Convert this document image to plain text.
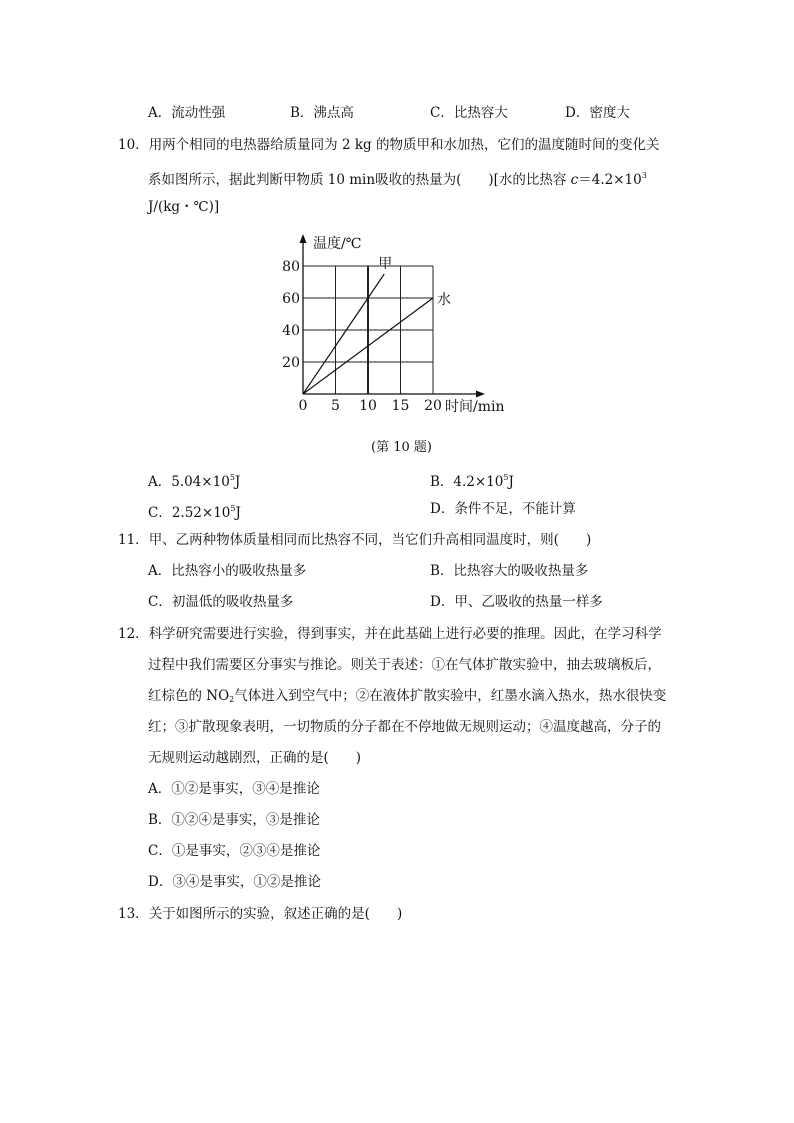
A．流动性强	B．沸点高	C．比热容大	D．密度大
10．用两个相同的电热器给质量同为 2 kg 的物质甲和水加热，它们的温度随时间的变化关
系如图所示，据此判断甲物质 10 min吸收的热量为(　　)[水的比热容 $c=4.2\times 10^3$
J/(kg・℃)]
5 10 15 20
20
40
60
80
0
温度/℃
时间/min
甲
水
(第 10 题)
A．$5.04\times 10^5J$	B．$4.2\times 10^5J$
C．$2.52\times 10^5J$	D．条件不足，不能计算
11．甲、乙两种物体质量相同而比热容不同，当它们升高相同温度时，则(　　)
A．比热容小的吸收热量多	B．比热容大的吸收热量多
C．初温低的吸收热量多	D．甲、乙吸收的热量一样多
12．科学研究需要进行实验，得到事实，并在此基础上进行必要的推理。因此，在学习科学
过程中我们需要区分事实与推论。则关于表述：①在气体扩散实验中，抽去玻璃板后，
红棕色的 $NO_2$气体进入到空气中；②在液体扩散实验中，红墨水滴入热水，热水很快变
红；③扩散现象表明，一切物质的分子都在不停地做无规则运动；④温度越高，分子的
无规则运动越剧烈，正确的是(　　)
A．①②是事实，③④是推论
B．①②④是事实，③是推论
C．①是事实，②③④是推论
D．③④是事实，①②是推论
13．关于如图所示的实验，叙述正确的是(　　)
